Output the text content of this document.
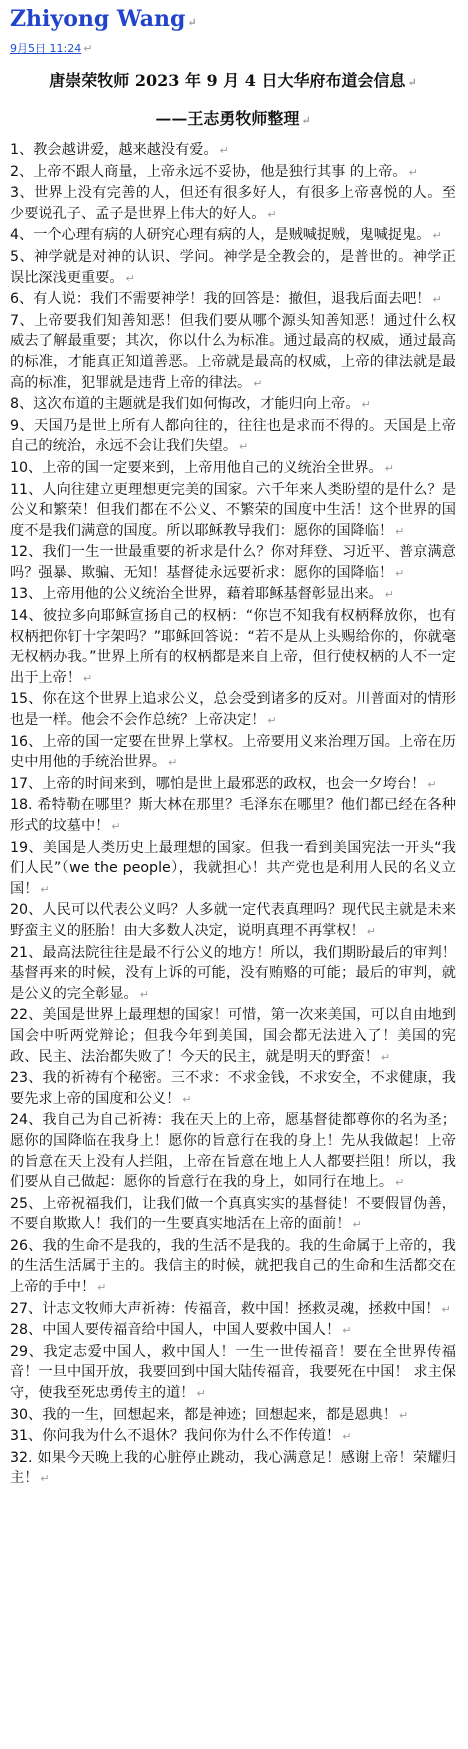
Zhiyong Wang ↵
9月5日 11:24 ↵
唐崇荣牧师 2023 年 9 月 4 日大华府布道会信息 ↵
——王志勇牧师整理 ↵

1、教会越讲爱，越来越没有爱。 ↵

2、上帝不跟人商量，上帝永远不妥协，他是独行其事 的上帝。 ↵

3、世界上没有完善的人，但还有很多好人，有很多上帝喜悦的人。至少要说孔子、孟子是世界上伟大的好人。 ↵

4、一个心理有病的人研究心理有病的人，是贼喊捉贼，鬼喊捉鬼。 ↵

5、神学就是对神的认识、学问。神学是全教会的，是普世的。神学正误比深浅更重要。 ↵

6、有人说：我们不需要神学！我的回答是：撤但，退我后面去吧！ ↵

7、上帝要我们知善知恶！但我们要从哪个源头知善知恶！通过什么权威去了解最重要；其次，你以什么为标准。通过最高的权威，通过最高的标准，才能真正知道善恶。上帝就是最高的权威，上帝的律法就是最高的标准，犯罪就是违背上帝的律法。 ↵

8、这次布道的主题就是我们如何悔改，才能归向上帝。 ↵

9、天国乃是世上所有人都向往的，往往也是求而不得的。天国是上帝自己的统治，永远不会让我们失望。 ↵

10、上帝的国一定要来到，上帝用他自己的义统治全世界。 ↵

11、人向往建立更理想更完美的国家。六千年来人类盼望的是什么？是公义和繁荣！但我们都在不公义、不繁荣的国度中生活！这个世界的国度不是我们满意的国度。所以耶稣教导我们：愿你的国降临！ ↵

12、我们一生一世最重要的祈求是什么？你对拜登、习近平、普京满意吗？强暴、欺骗、无知！基督徒永远要祈求：愿你的国降临！ ↵

13、上帝用他的公义统治全世界，藉着耶稣基督彰显出来。 ↵

14、彼拉多向耶稣宣扬自己的权柄：“你岂不知我有权柄释放你，也有权柄把你钉十字架吗？”耶稣回答说：“若不是从上头赐给你的，你就毫无权柄办我。”世界上所有的权柄都是来自上帝，但行使权柄的人不一定出于上帝！ ↵

15、你在这个世界上追求公义，总会受到诸多的反对。川普面对的情形也是一样。他会不会作总统？上帝决定！ ↵

16、上帝的国一定要在世界上掌权。上帝要用义来治理万国。上帝在历史中用他的手统治世界。 ↵

17、上帝的时间来到，哪怕是世上最邪恶的政权，也会一夕垮台！ ↵

18. 希特勒在哪里？斯大林在那里？毛泽东在哪里？他们都已经在各种形式的坟墓中！ ↵

19、美国是人类历史上最理想的国家。但我一看到美国宪法一开头“我们人民”（we the people），我就担心！共产党也是利用人民的名义立国！ ↵

20、人民可以代表公义吗？人多就一定代表真理吗？现代民主就是未来野蛮主义的胚胎！由大多数人决定，说明真理不再掌权！ ↵

21、最高法院往往是最不行公义的地方！所以，我们期盼最后的审判！基督再来的时候，没有上诉的可能，没有贿赂的可能；最后的审判，就是公义的完全彰显。 ↵

22、美国是世界上最理想的国家！可惜，第一次来美国，可以自由地到国会中听两党辩论；但我今年到美国，国会都无法进入了！美国的宪政、民主、法治都失败了！今天的民主，就是明天的野蛮！ ↵

23、我的祈祷有个秘密。三不求：不求金钱，不求安全，不求健康，我要先求上帝的国度和公义！ ↵

24、我自己为自己祈祷：我在天上的上帝，愿基督徒都尊你的名为圣；愿你的国降临在我身上！愿你的旨意行在我的身上！先从我做起！上帝的旨意在天上没有人拦阻，上帝在旨意在地上人人都要拦阻！所以，我们要从自己做起：愿你的旨意行在我的身上，如同行在地上。 ↵

25、上帝祝福我们，让我们做一个真真实实的基督徒！不要假冒伪善，不要自欺欺人！我们的一生要真实地活在上帝的面前！ ↵

26、我的生命不是我的，我的生活不是我的。我的生命属于上帝的，我的生活生活属于主的。我信主的时候，就把我自己的生命和生活都交在上帝的手中！ ↵

27、计志文牧师大声祈祷：传福音，救中国！拯救灵魂，拯救中国！ ↵

28、中国人要传福音给中国人，中国人要救中国人！ ↵

29、我定志爱中国人，救中国人！一生一世传福音！要在全世界传福音！一旦中国开放，我要回到中国大陆传福音，我要死在中国！ 求主保守，使我至死忠勇传主的道！ ↵

30、我的一生，回想起来，都是神迹；回想起来，都是恩典！ ↵

31、你问我为什么不退休？我问你为什么不作传道！ ↵

32. 如果今天晚上我的心脏停止跳动，我心满意足！感谢上帝！荣耀归主！ ↵
